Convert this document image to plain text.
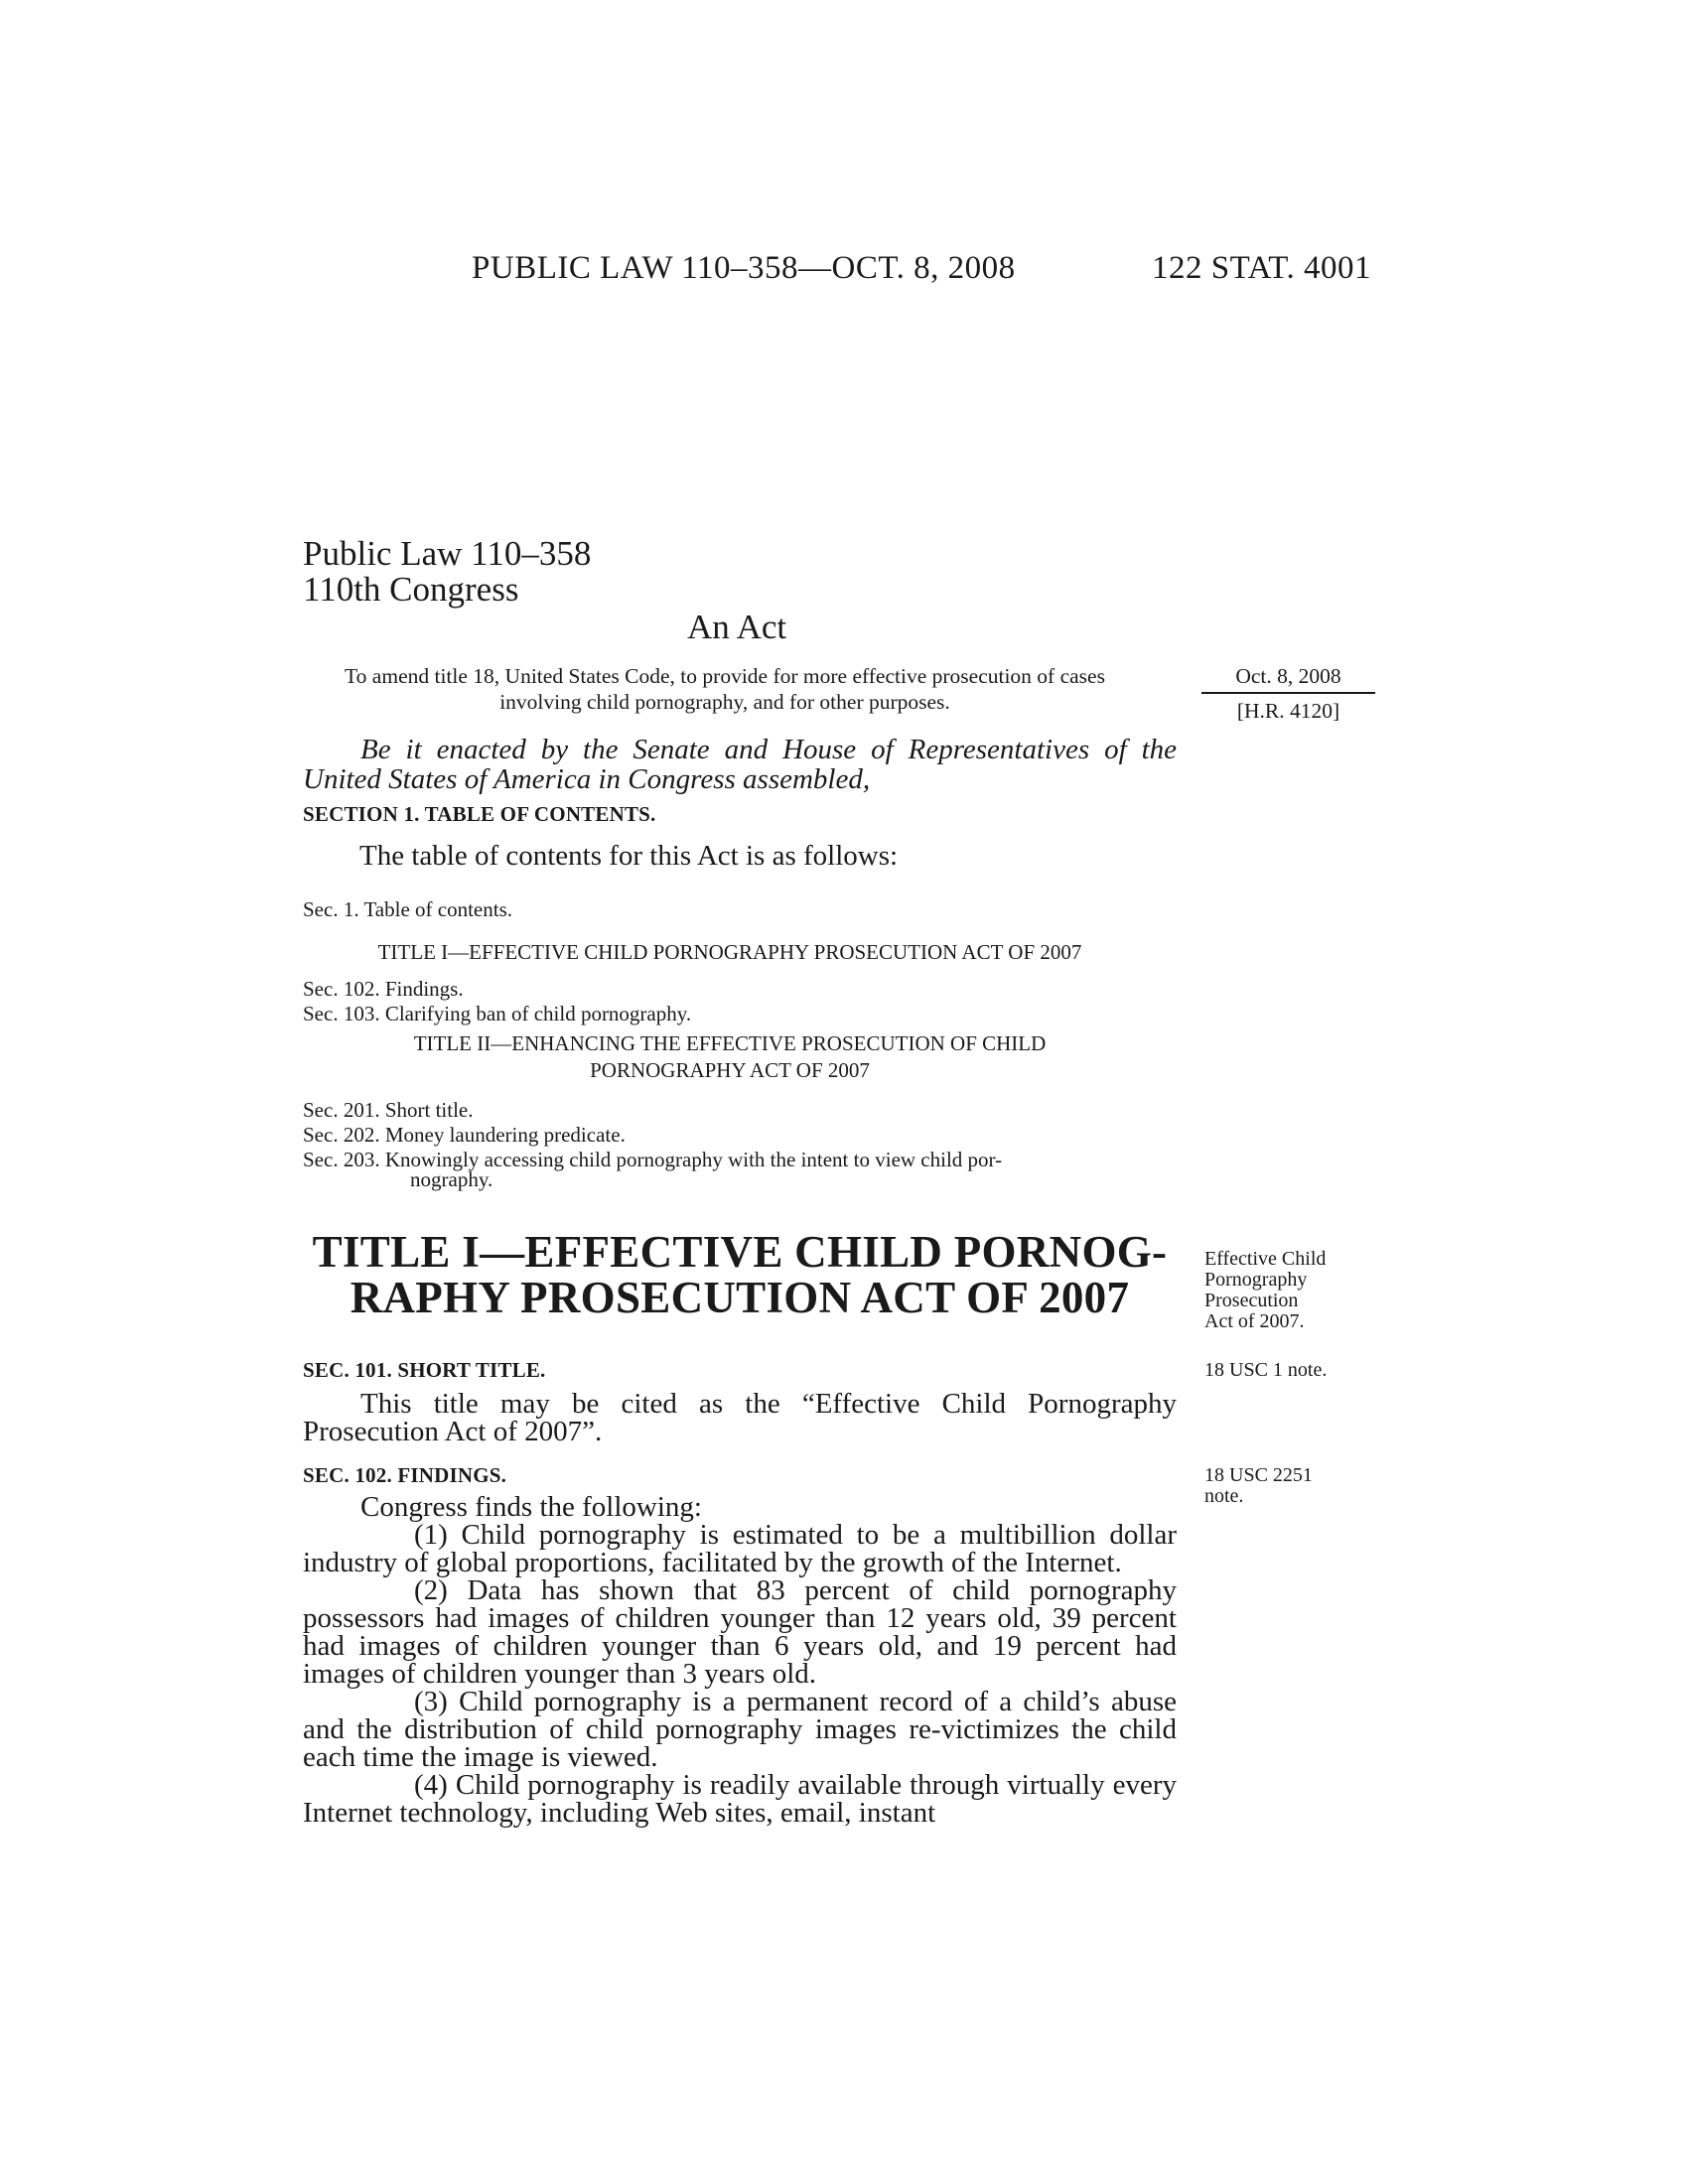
PUBLIC LAW 110–358—OCT. 8, 2008	122 STAT. 4001
Public Law 110–358
110th Congress
An Act
To amend title 18, United States Code, to provide for more effective prosecution of cases involving child pornography, and for other purposes.
Oct. 8, 2008
[H.R. 4120]
Be it enacted by the Senate and House of Representatives of the United States of America in Congress assembled,
SECTION 1. TABLE OF CONTENTS.
The table of contents for this Act is as follows:
Sec. 1. Table of contents.
TITLE I—EFFECTIVE CHILD PORNOGRAPHY PROSECUTION ACT OF 2007
Sec. 102. Findings.
Sec. 103. Clarifying ban of child pornography.
TITLE II—ENHANCING THE EFFECTIVE PROSECUTION OF CHILD
PORNOGRAPHY ACT OF 2007
Sec. 201. Short title.
Sec. 202. Money laundering predicate.
Sec. 203. Knowingly accessing child pornography with the intent to view child por-
nography.
TITLE I—EFFECTIVE CHILD PORNOG-
RAPHY PROSECUTION ACT OF 2007
Effective Child
Pornography
Prosecution
Act of 2007.
SEC. 101. SHORT TITLE.	18 USC 1 note.
This title may be cited as the “Effective Child Pornography Prosecution Act of 2007”.
SEC. 102. FINDINGS.	18 USC 2251
note.
Congress finds the following:
(1) Child pornography is estimated to be a multibillion dollar industry of global proportions, facilitated by the growth of the Internet.
(2) Data has shown that 83 percent of child pornography possessors had images of children younger than 12 years old, 39 percent had images of children younger than 6 years old, and 19 percent had images of children younger than 3 years old.
(3) Child pornography is a permanent record of a child’s abuse and the distribution of child pornography images re-victimizes the child each time the image is viewed.
(4) Child pornography is readily available through virtually every Internet technology, including Web sites, email, instant
